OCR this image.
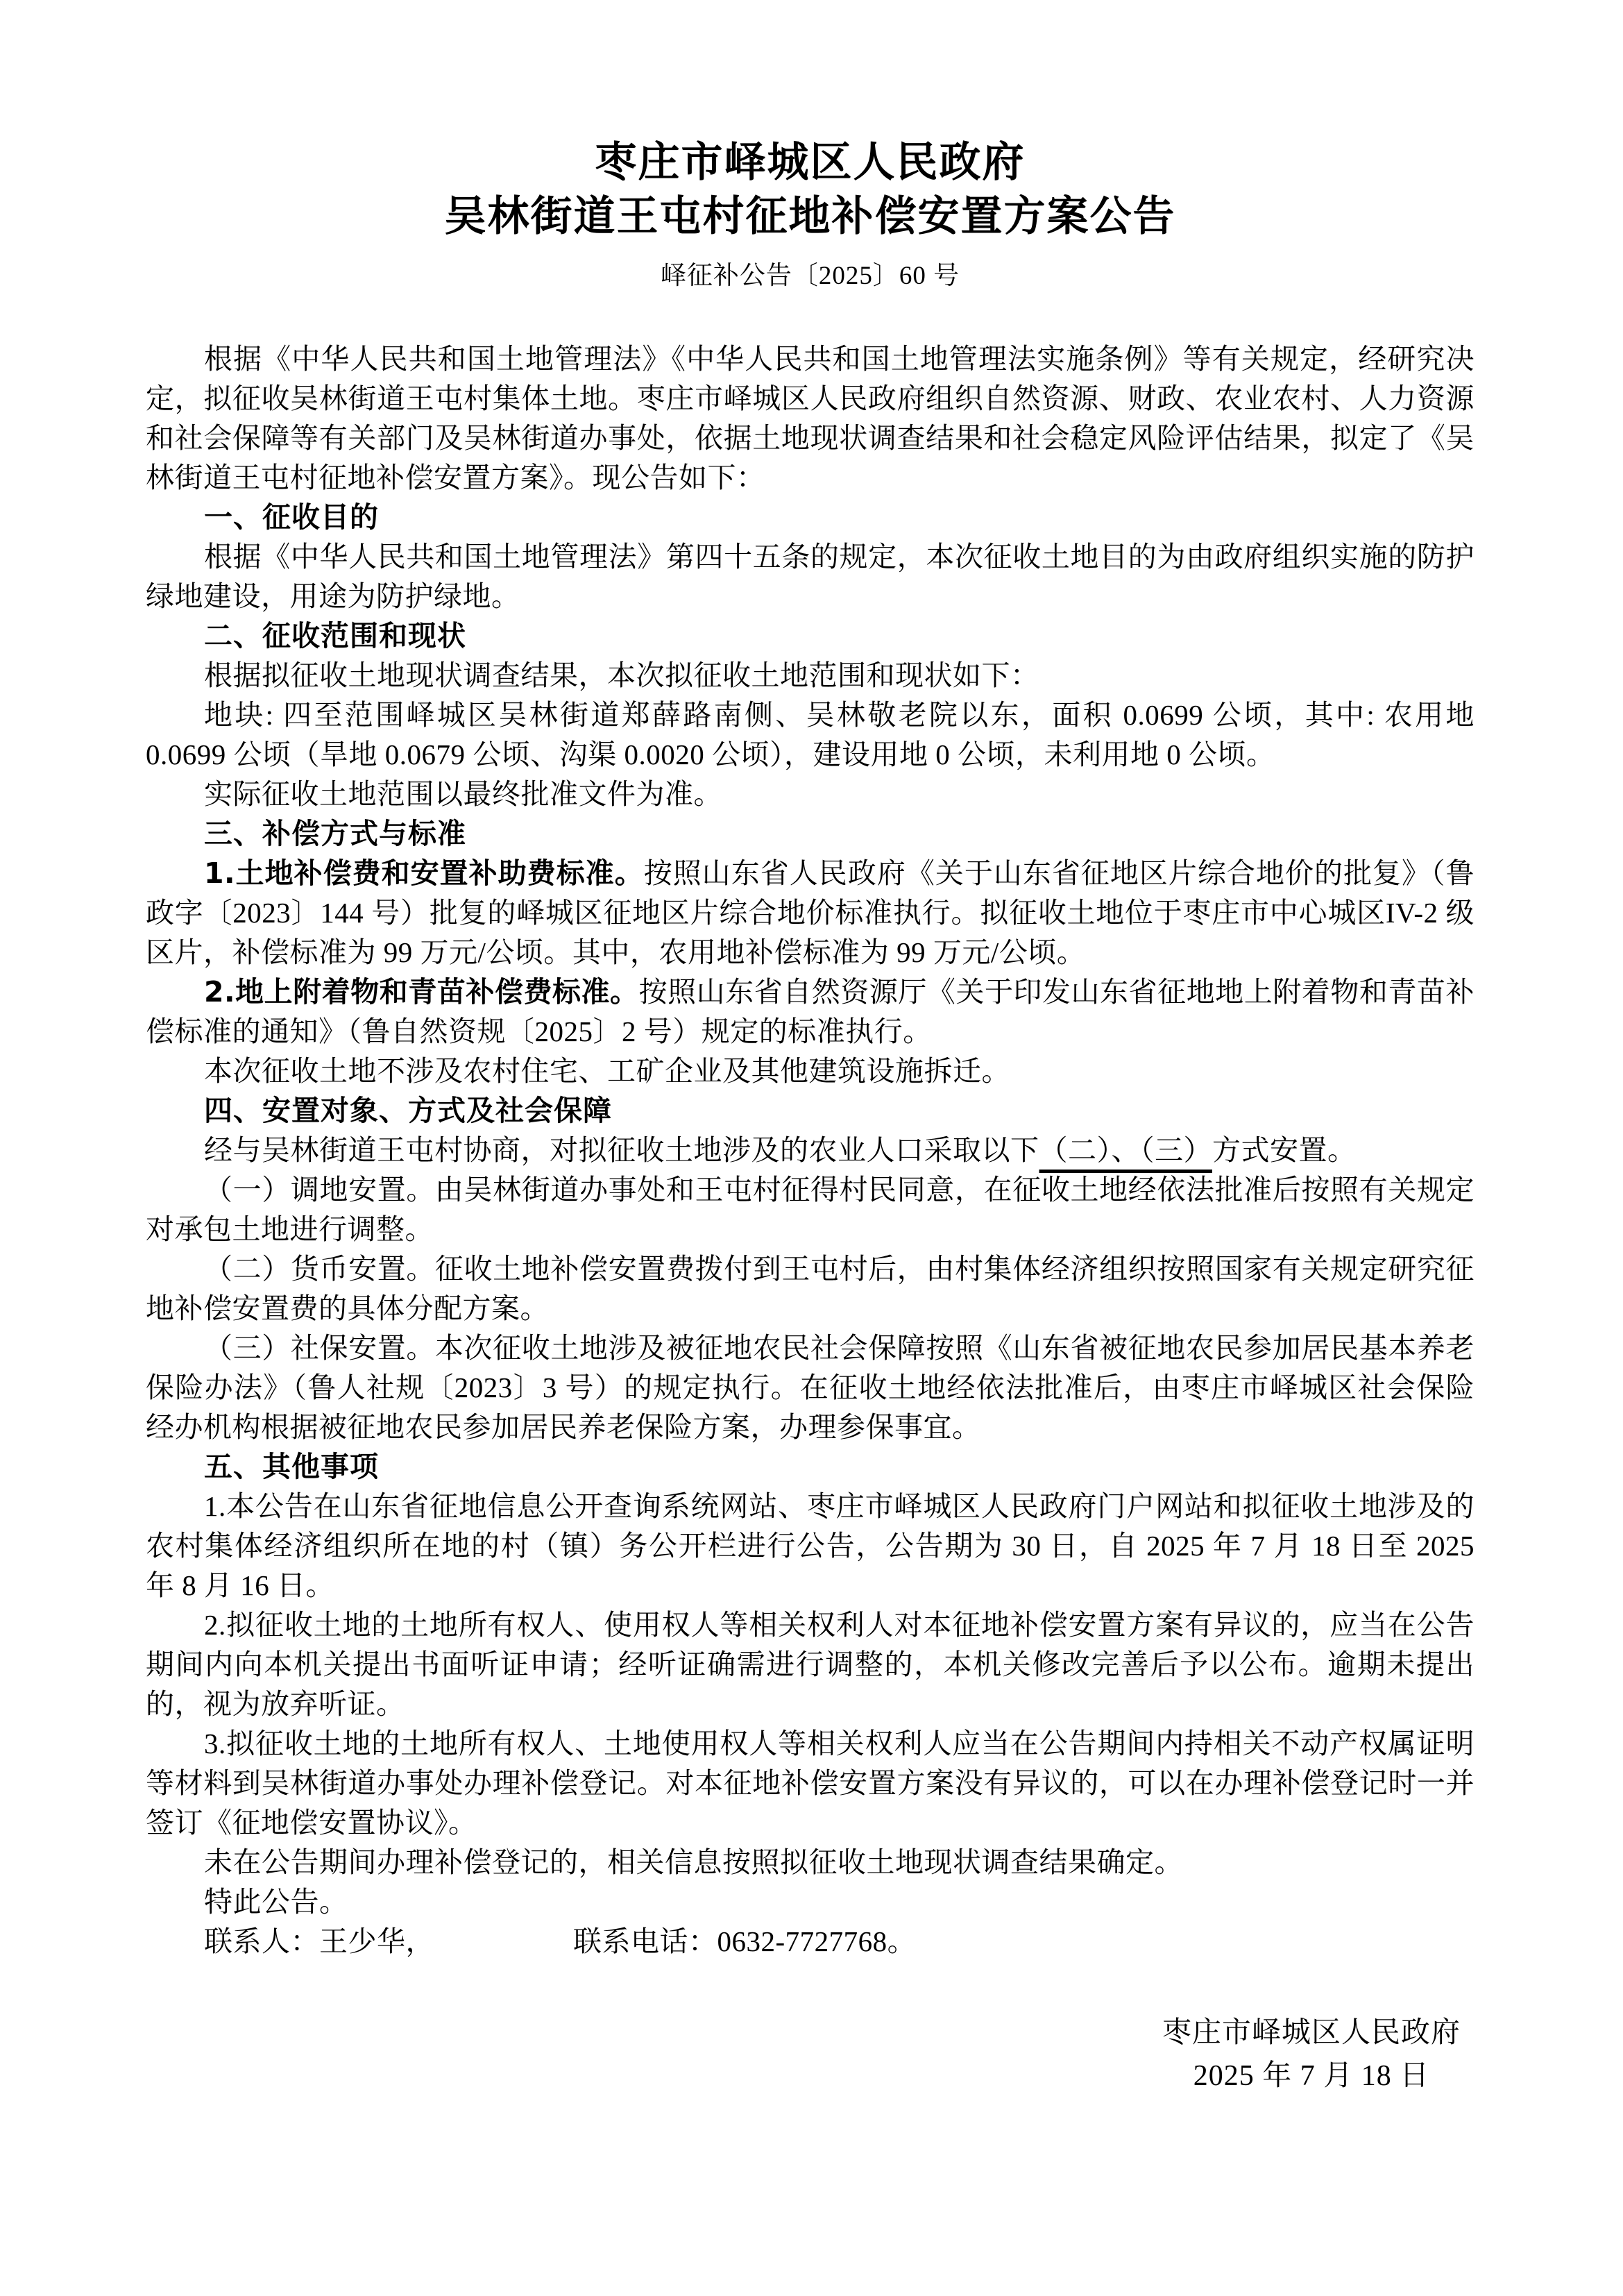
枣庄市峄城区人民政府
吴林街道王屯村征地补偿安置方案公告
峄征补公告〔2025〕60 号

根据《中华人民共和国土地管理法》《中华人民共和国土地管理法实施条例》等有关规定，经研究决定，拟征收吴林街道王屯村集体土地。枣庄市峄城区人民政府组织自然资源、财政、农业农村、人力资源和社会保障等有关部门及吴林街道办事处，依据土地现状调查结果和社会稳定风险评估结果，拟定了《吴林街道王屯村征地补偿安置方案》。现公告如下：

一、征收目的

根据《中华人民共和国土地管理法》第四十五条的规定，本次征收土地目的为由政府组织实施的防护绿地建设，用途为防护绿地。

二、征收范围和现状

根据拟征收土地现状调查结果，本次拟征收土地范围和现状如下：

地块: 四至范围峄城区吴林街道郑薛路南侧、吴林敬老院以东，面积 0.0699 公顷，其中: 农用地 0.0699 公顷（旱地 0.0679 公顷、沟渠 0.0020 公顷），建设用地 0 公顷，未利用地 0 公顷。

实际征收土地范围以最终批准文件为准。

三、补偿方式与标准

1.土地补偿费和安置补助费标准。按照山东省人民政府《关于山东省征地区片综合地价的批复》（鲁政字〔2023〕144 号）批复的峄城区征地区片综合地价标准执行。拟征收土地位于枣庄市中心城区IV-2 级区片，补偿标准为 99 万元/公顷。其中，农用地补偿标准为 99 万元/公顷。

2.地上附着物和青苗补偿费标准。按照山东省自然资源厅《关于印发山东省征地地上附着物和青苗补偿标准的通知》（鲁自然资规〔2025〕2 号）规定的标准执行。

本次征收土地不涉及农村住宅、工矿企业及其他建筑设施拆迁。

四、安置对象、方式及社会保障

经与吴林街道王屯村协商，对拟征收土地涉及的农业人口采取以下（二）、（三）方式安置。

（一）调地安置。由吴林街道办事处和王屯村征得村民同意，在征收土地经依法批准后按照有关规定对承包土地进行调整。

（二）货币安置。征收土地补偿安置费拨付到王屯村后，由村集体经济组织按照国家有关规定研究征地补偿安置费的具体分配方案。

（三）社保安置。本次征收土地涉及被征地农民社会保障按照《山东省被征地农民参加居民基本养老保险办法》（鲁人社规〔2023〕3 号）的规定执行。在征收土地经依法批准后，由枣庄市峄城区社会保险经办机构根据被征地农民参加居民养老保险方案，办理参保事宜。

五、其他事项

1.本公告在山东省征地信息公开查询系统网站、枣庄市峄城区人民政府门户网站和拟征收土地涉及的农村集体经济组织所在地的村（镇）务公开栏进行公告，公告期为 30 日，自 2025 年 7 月 18 日至 2025 年 8 月 16 日。

2.拟征收土地的土地所有权人、使用权人等相关权利人对本征地补偿安置方案有异议的，应当在公告期间内向本机关提出书面听证申请；经听证确需进行调整的，本机关修改完善后予以公布。逾期未提出的，视为放弃听证。

3.拟征收土地的土地所有权人、土地使用权人等相关权利人应当在公告期间内持相关不动产权属证明等材料到吴林街道办事处办理补偿登记。对本征地补偿安置方案没有异议的，可以在办理补偿登记时一并签订《征地偿安置协议》。

未在公告期间办理补偿登记的，相关信息按照拟征收土地现状调查结果确定。

特此公告。

联系人：王少华，	联系电话：0632-7727768。

枣庄市峄城区人民政府
2025 年 7 月 18 日
